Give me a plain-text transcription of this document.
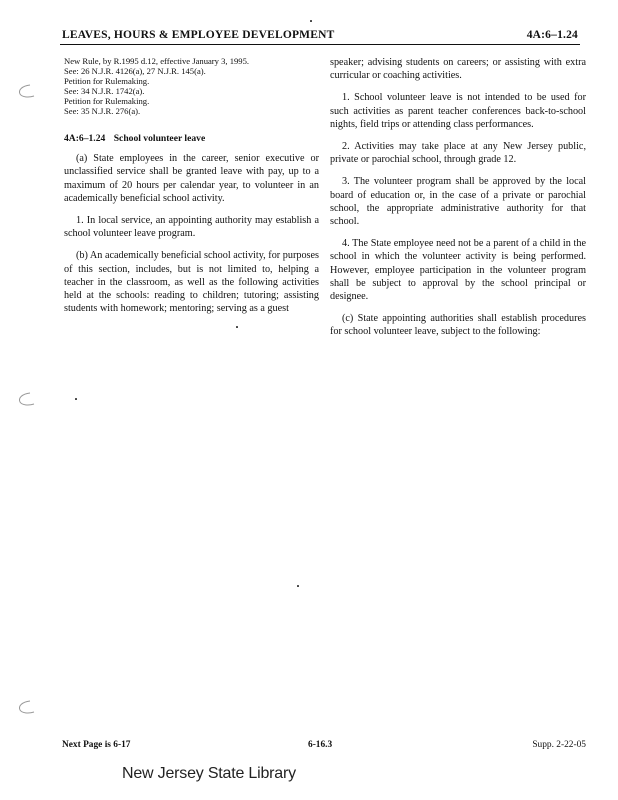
LEAVES, HOURS & EMPLOYEE DEVELOPMENT	4A:6–1.24
New Rule, by R.1995 d.12, effective January 3, 1995.
See: 26 N.J.R. 4126(a), 27 N.J.R. 145(a).
Petition for Rulemaking.
See: 34 N.J.R. 1742(a).
Petition for Rulemaking.
See: 35 N.J.R. 276(a).
4A:6–1.24 School volunteer leave

(a) State employees in the career, senior executive or unclassified service shall be granted leave with pay, up to a maximum of 20 hours per calendar year, to volunteer in an academically beneficial school activity.

1. In local service, an appointing authority may establish a school volunteer leave program.

(b) An academically beneficial school activity, for purposes of this section, includes, but is not limited to, helping a teacher in the classroom, as well as the following activities held at the schools: reading to children; tutoring; assisting students with homework; mentoring; serving as a guest

speaker; advising students on careers; or assisting with extra curricular or coaching activities.

1. School volunteer leave is not intended to be used for such activities as parent teacher conferences back-to-school nights, field trips or attending class performances.

2. Activities may take place at any New Jersey public, private or parochial school, through grade 12.

3. The volunteer program shall be approved by the local board of education or, in the case of a private or parochial school, the appropriate administrative authority for that school.

4. The State employee need not be a parent of a child in the school in which the volunteer activity is being performed. However, employee participation in the volunteer program shall be subject to approval by the school principal or designee.

(c) State appointing authorities shall establish procedures for school volunteer leave, subject to the following:

Next Page is 6-17	6-16.3	Supp. 2-22-05
New Jersey State Library
